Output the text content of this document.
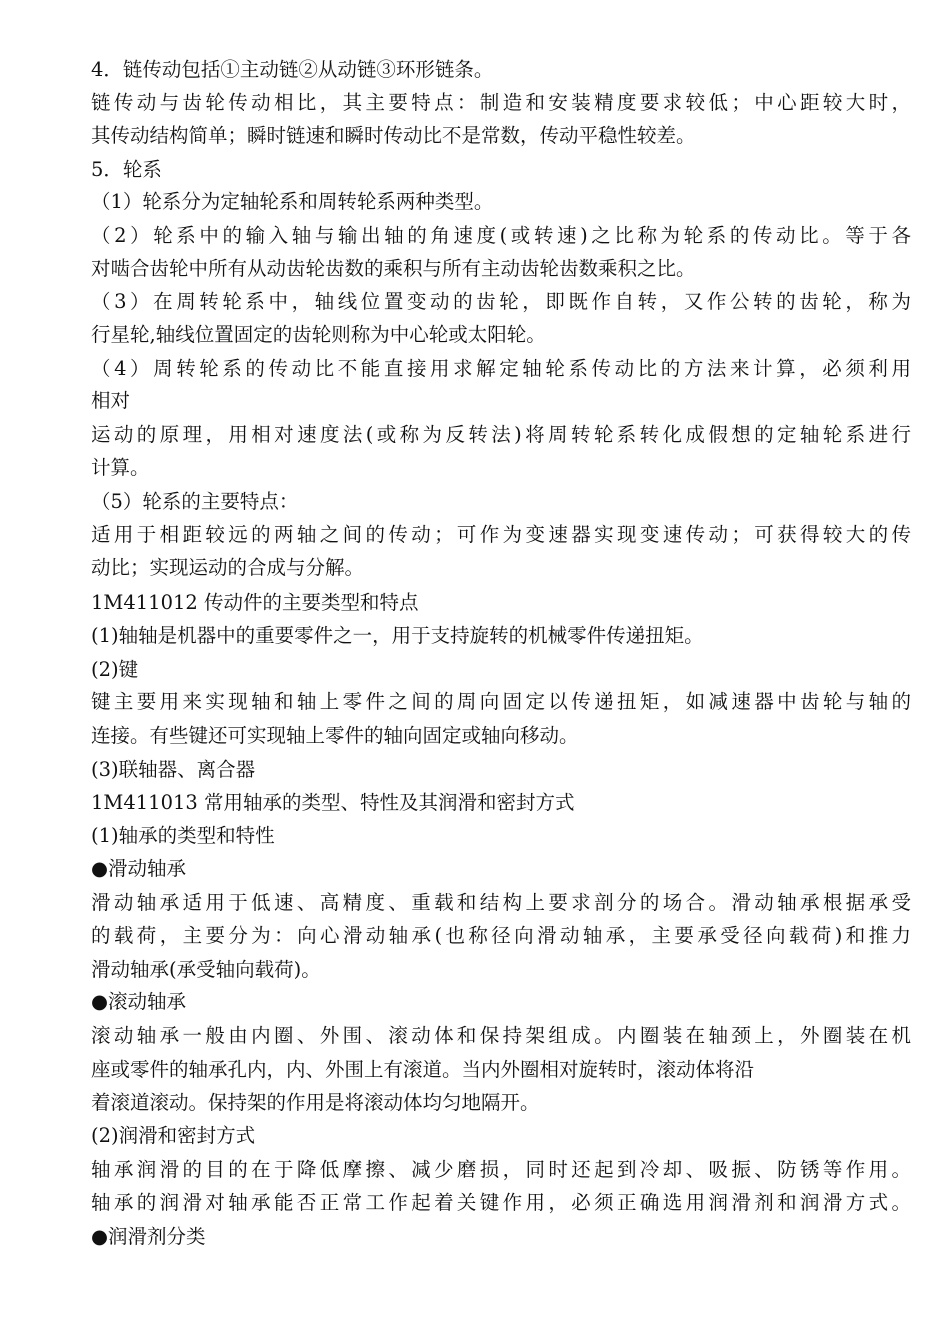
4．链传动包括①主动链②从动链③环形链条。
链传动与齿轮传动相比，其主要特点：制造和安装精度要求较低；中心距较大时，
其传动结构简单；瞬时链速和瞬时传动比不是常数，传动平稳性较差。
5．轮系
（1）轮系分为定轴轮系和周转轮系两种类型。
（2）轮系中的输入轴与输出轴的角速度(或转速)之比称为轮系的传动比。等于各
对啮合齿轮中所有从动齿轮齿数的乘积与所有主动齿轮齿数乘积之比。
（3）在周转轮系中，轴线位置变动的齿轮，即既作自转，又作公转的齿轮，称为
行星轮,轴线位置固定的齿轮则称为中心轮或太阳轮。
（4）周转轮系的传动比不能直接用求解定轴轮系传动比的方法来计算，必须利用
相对
运动的原理，用相对速度法(或称为反转法)将周转轮系转化成假想的定轴轮系进行
计算。
（5）轮系的主要特点：
适用于相距较远的两轴之间的传动；可作为变速器实现变速传动；可获得较大的传
动比；实现运动的合成与分解。
1M411012 传动件的主要类型和特点
(1)轴轴是机器中的重要零件之一，用于支持旋转的机械零件传递扭矩。
(2)键
键主要用来实现轴和轴上零件之间的周向固定以传递扭矩，如减速器中齿轮与轴的
连接。有些键还可实现轴上零件的轴向固定或轴向移动。
(3)联轴器、离合器
1M411013 常用轴承的类型、特性及其润滑和密封方式
(1)轴承的类型和特性
●滑动轴承
滑动轴承适用于低速、高精度、重载和结构上要求剖分的场合。滑动轴承根据承受
的载荷，主要分为：向心滑动轴承(也称径向滑动轴承，主要承受径向载荷)和推力
滑动轴承(承受轴向载荷)。
●滚动轴承
滚动轴承一般由内圈、外围、滚动体和保持架组成。内圈装在轴颈上，外圈装在机
座或零件的轴承孔内，内、外围上有滚道。当内外圈相对旋转时，滚动体将沿
着滚道滚动。保持架的作用是将滚动体均匀地隔开。
(2)润滑和密封方式
轴承润滑的目的在于降低摩擦、减少磨损，同时还起到冷却、吸振、防锈等作用。
轴承的润滑对轴承能否正常工作起着关键作用，必须正确选用润滑剂和润滑方式。
●润滑剂分类
